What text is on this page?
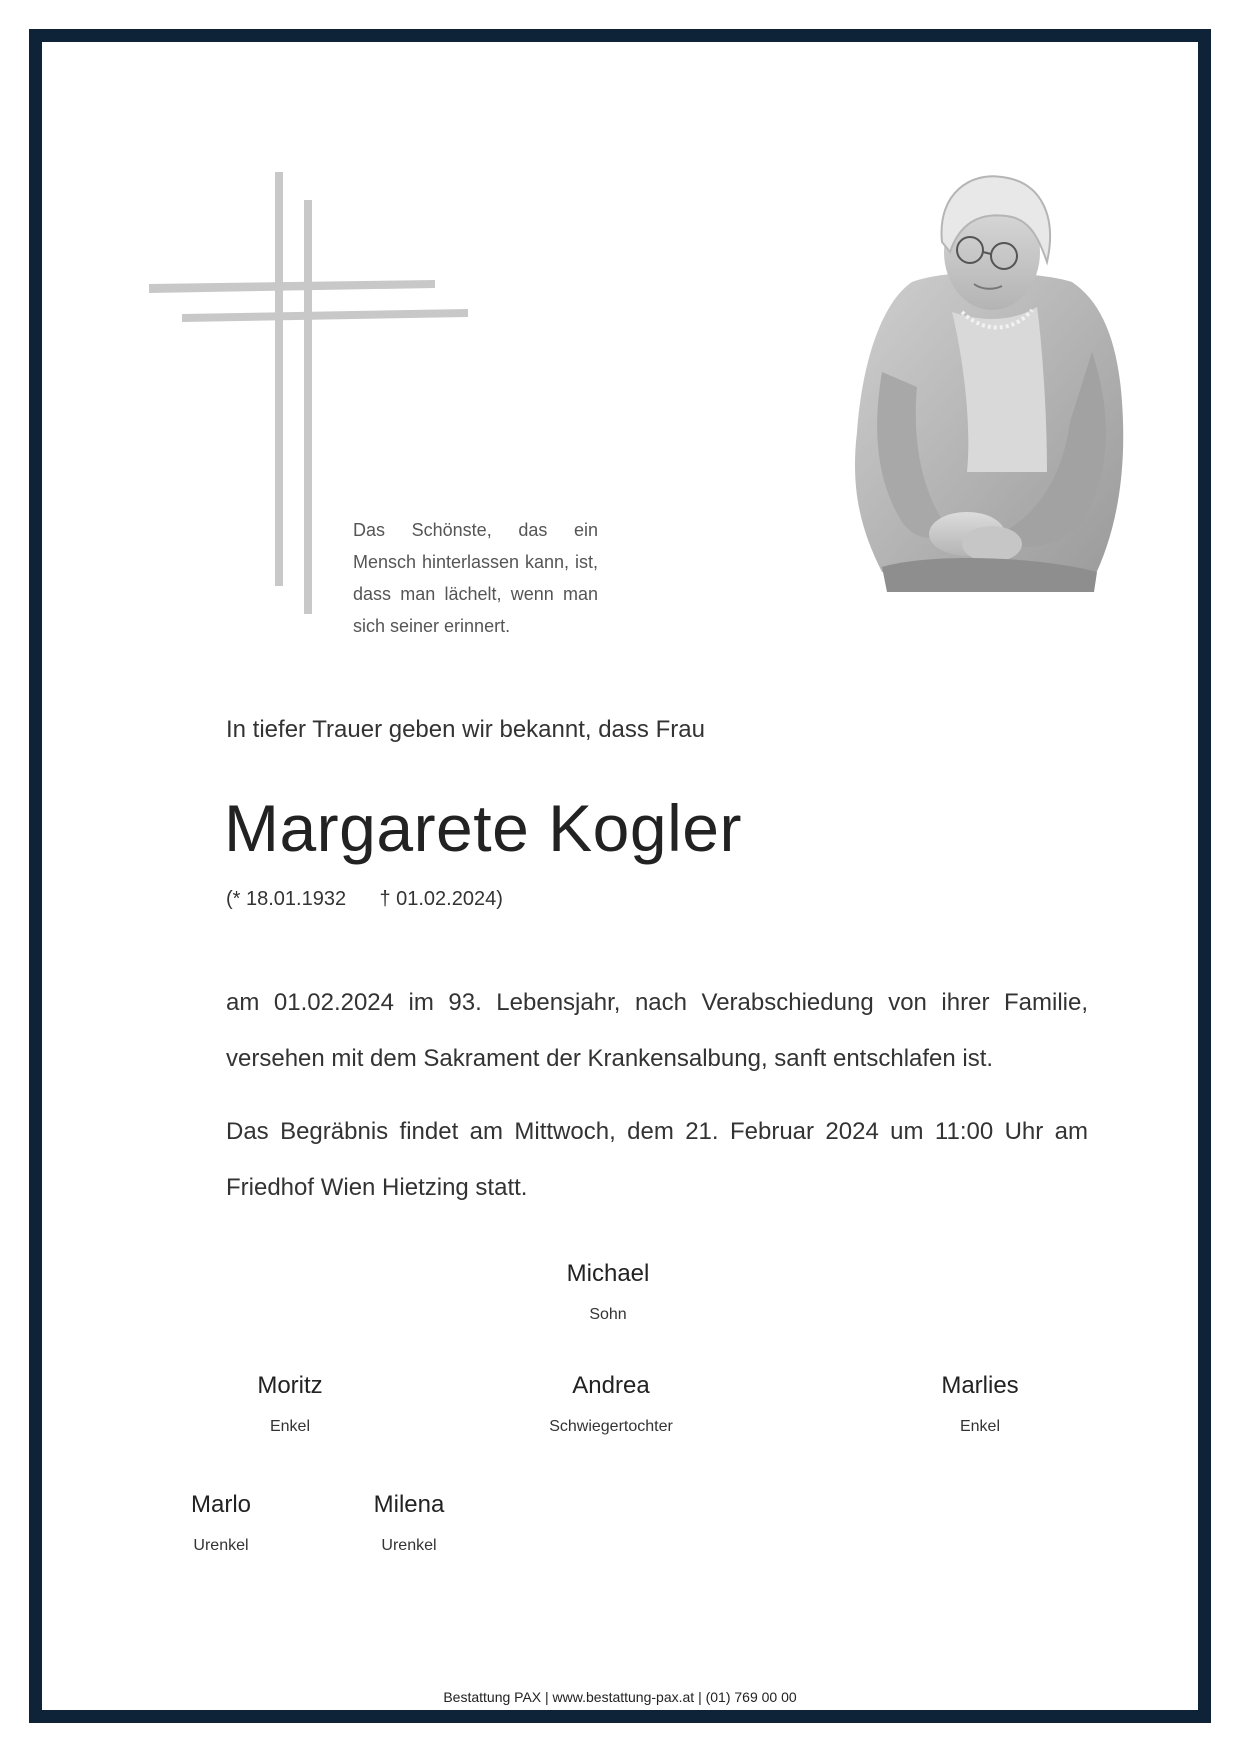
Das Schönste, das ein Mensch hinterlassen kann, ist, dass man lächelt, wenn man sich seiner erinnert.
In tiefer Trauer geben wir bekannt, dass Frau
Margarete Kogler
(* 18.01.1932      † 01.02.2024)
am 01.02.2024 im 93. Lebensjahr, nach Verabschiedung von ihrer Familie, versehen mit dem Sakrament der Krankensalbung, sanft entschlafen ist.
Das Begräbnis findet am Mittwoch, dem 21. Februar 2024 um 11:00 Uhr am Friedhof Wien Hietzing statt.
Michael
Sohn
Moritz
Enkel
Andrea
Schwiegertochter
Marlies
Enkel
Marlo
Urenkel
Milena
Urenkel
Bestattung PAX | www.bestattung-pax.at | (01) 769 00 00
